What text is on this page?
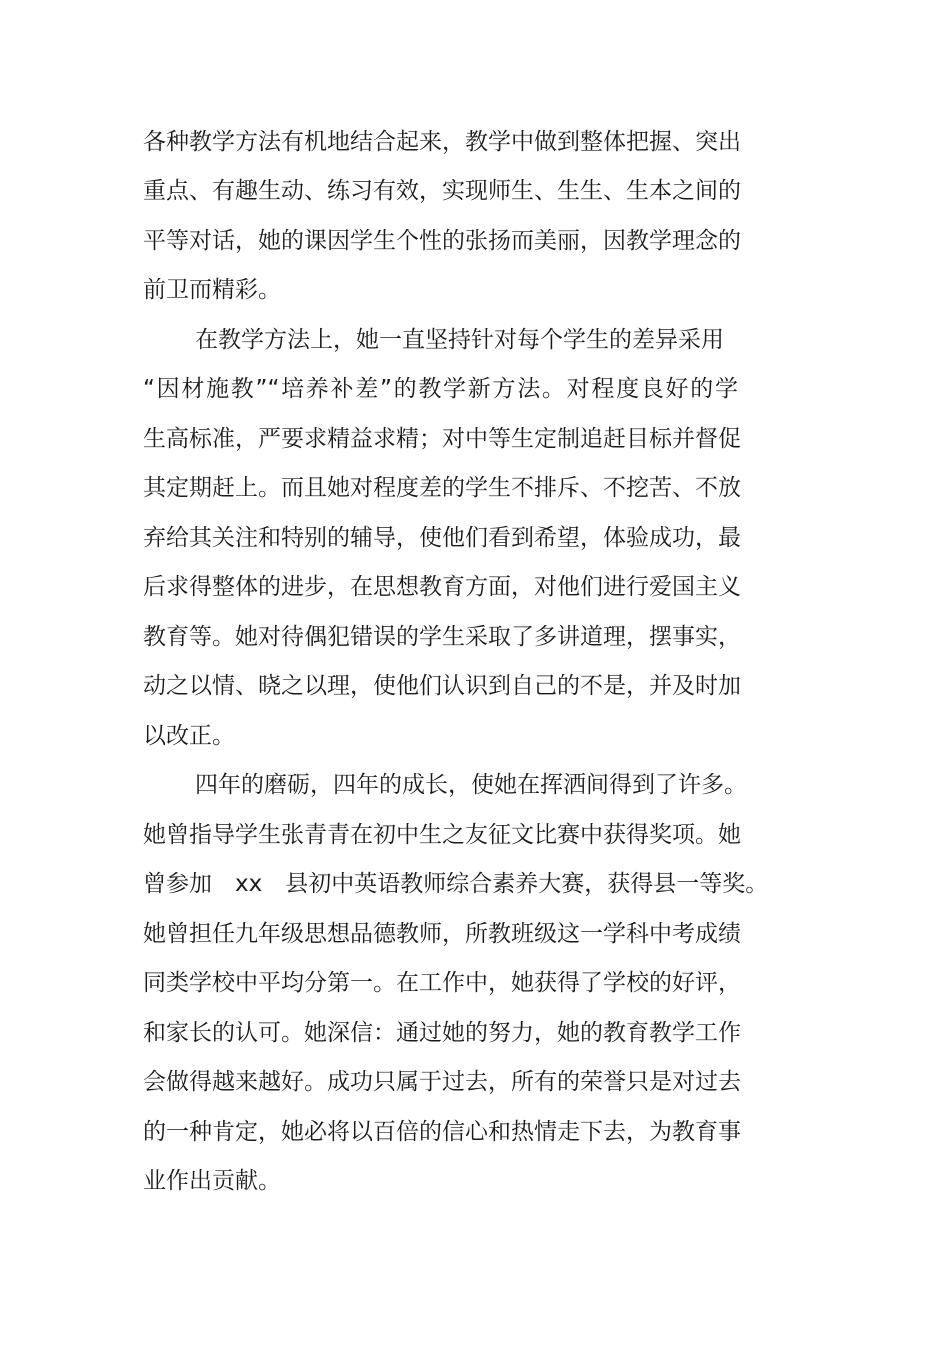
各种教学方法有机地结合起来，教学中做到整体把握、突出
重点、有趣生动、练习有效，实现师生、生生、生本之间的
平等对话，她的课因学生个性的张扬而美丽，因教学理念的
前卫而精彩。
在教学方法上，她一直坚持针对每个学生的差异采用
“因材施教”“培养补差”的教学新方法。对程度良好的学
生高标准，严要求精益求精；对中等生定制追赶目标并督促
其定期赶上。而且她对程度差的学生不排斥、不挖苦、不放
弃给其关注和特别的辅导，使他们看到希望，体验成功，最
后求得整体的进步，在思想教育方面，对他们进行爱国主义
教育等。她对待偶犯错误的学生采取了多讲道理，摆事实，
动之以情、晓之以理，使他们认识到自己的不是，并及时加
以改正。
四年的磨砺，四年的成长，使她在挥洒间得到了许多。
她曾指导学生张青青在初中生之友征文比赛中获得奖项。她
曾参加　xx　县初中英语教师综合素养大赛，获得县一等奖。
她曾担任九年级思想品德教师，所教班级这一学科中考成绩
同类学校中平均分第一。在工作中，她获得了学校的好评，
和家长的认可。她深信：通过她的努力，她的教育教学工作
会做得越来越好。成功只属于过去，所有的荣誉只是对过去
的一种肯定，她必将以百倍的信心和热情走下去，为教育事
业作出贡献。
